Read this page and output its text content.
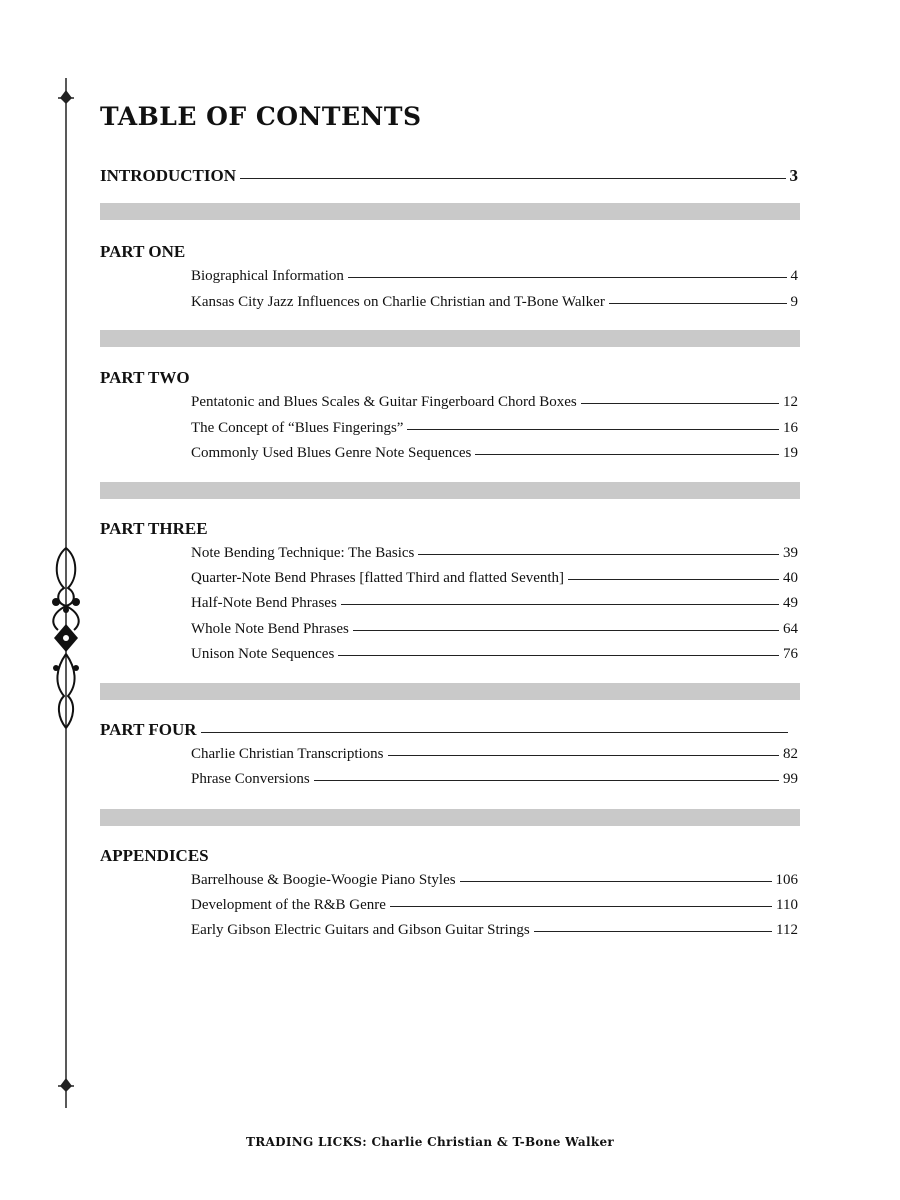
TABLE OF CONTENTS
INTRODUCTION	3
PART ONE
Biographical Information	4
Kansas City Jazz Influences on Charlie Christian and T-Bone Walker	9
PART TWO
Pentatonic and Blues Scales & Guitar Fingerboard Chord Boxes	12
The Concept of “Blues Fingerings”	16
Commonly Used Blues Genre Note Sequences	19
PART THREE
Note Bending Technique: The Basics	39
Quarter-Note Bend Phrases [flatted Third and flatted Seventh]	40
Half-Note Bend Phrases	49
Whole Note Bend Phrases	64
Unison Note Sequences	76
PART FOUR
Charlie Christian Transcriptions	82
Phrase Conversions	99
APPENDICES
Barrelhouse & Boogie-Woogie Piano Styles	106
Development of the R&B Genre	110
Early Gibson Electric Guitars and Gibson Guitar Strings	112
TRADING LICKS: Charlie Christian & T-Bone Walker
